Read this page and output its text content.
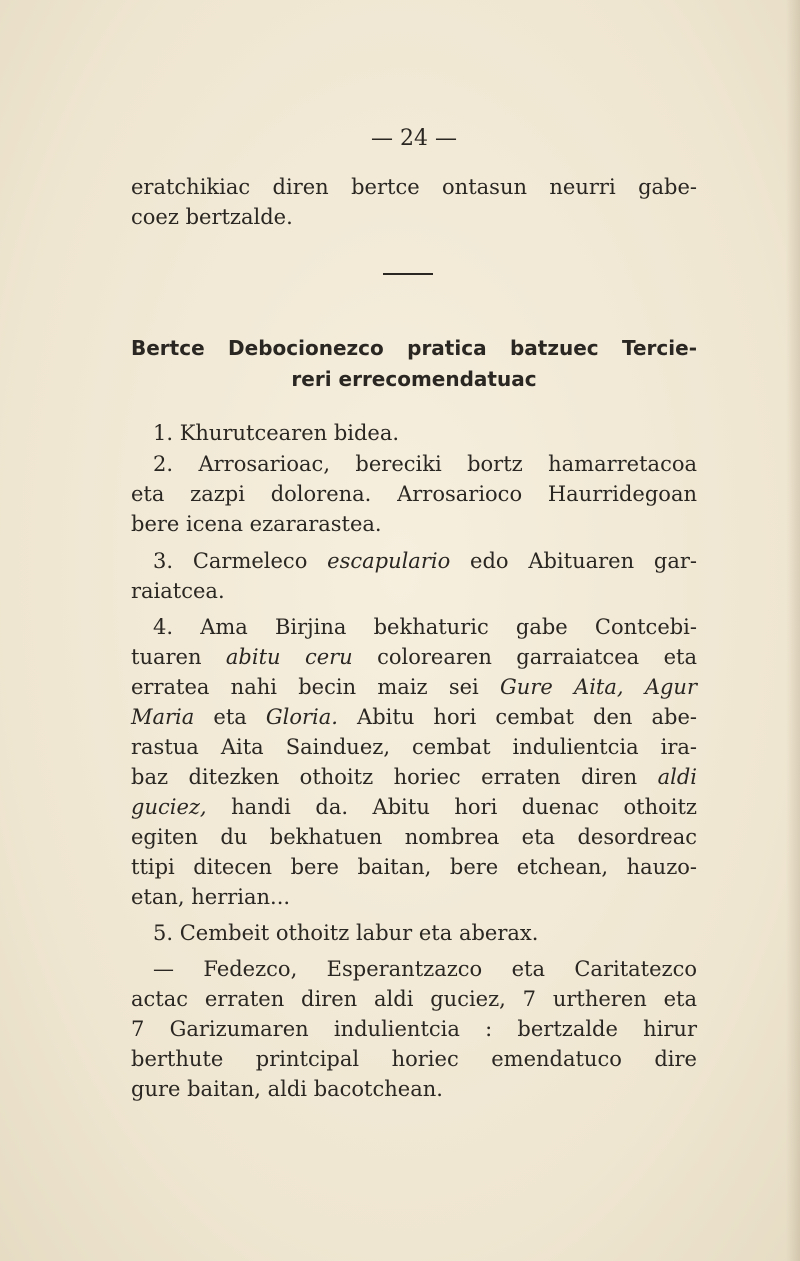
— 24 —
eratchikiac diren bertce ontasun neurri gabe-
coez bertzalde.
Bertce Debocionezco pratica batzuec Tercie-
reri errecomendatuac
1. Khurutcearen bidea.
2. Arrosarioac, bereciki bortz hamarretacoa
eta zazpi dolorena. Arrosarioco Haurridegoan
bere icena ezararastea.
3. Carmeleco escapulario edo Abituaren gar-
raiatcea.
4. Ama Birjina bekhaturic gabe Contcebi-
tuaren abitu ceru colorearen garraiatcea eta
erratea nahi becin maiz sei Gure Aita, Agur
Maria eta Gloria. Abitu hori cembat den abe-
rastua Aita Sainduez, cembat indulientcia ira-
baz ditezken othoitz horiec erraten diren aldi
guciez, handi da. Abitu hori duenac othoitz
egiten du bekhatuen nombrea eta desordreac
ttipi ditecen bere baitan, bere etchean, hauzo-
etan, herrian...
5. Cembeit othoitz labur eta aberax.
— Fedezco, Esperantzazco eta Caritatezco
actac erraten diren aldi guciez, 7 urtheren eta
7 Garizumaren indulientcia : bertzalde hirur
berthute printcipal horiec emendatuco dire
gure baitan, aldi bacotchean.
